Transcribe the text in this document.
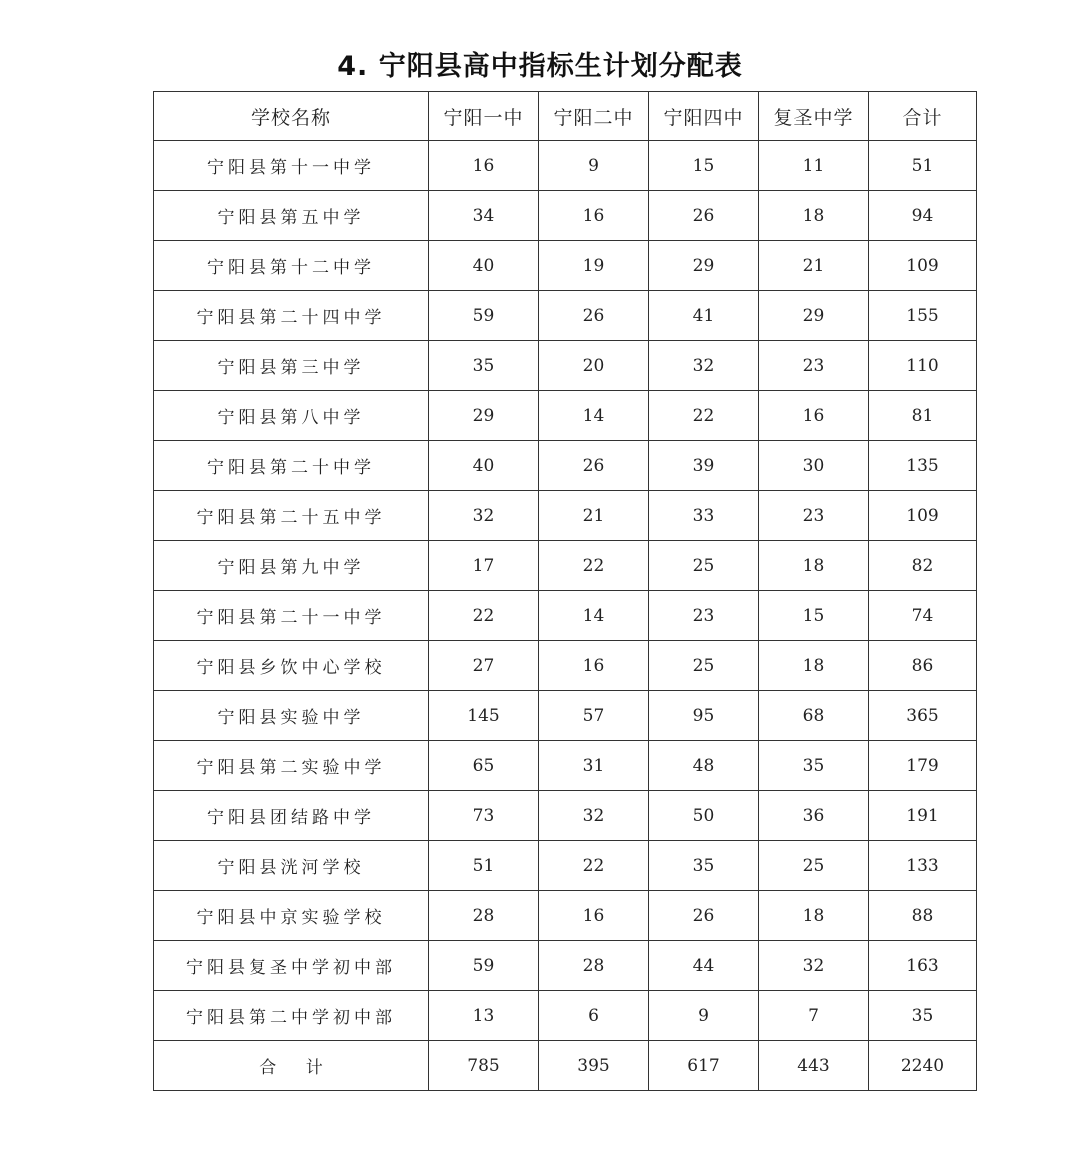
4. 宁阳县高中指标生计划分配表
学校名称	宁阳一中	宁阳二中	宁阳四中	复圣中学	合计
宁阳县第十一中学	16	9	15	11	51
宁阳县第五中学	34	16	26	18	94
宁阳县第十二中学	40	19	29	21	109
宁阳县第二十四中学	59	26	41	29	155
宁阳县第三中学	35	20	32	23	110
宁阳县第八中学	29	14	22	16	81
宁阳县第二十中学	40	26	39	30	135
宁阳县第二十五中学	32	21	33	23	109
宁阳县第九中学	17	22	25	18	82
宁阳县第二十一中学	22	14	23	15	74
宁阳县乡饮中心学校	27	16	25	18	86
宁阳县实验中学	145	57	95	68	365
宁阳县第二实验中学	65	31	48	35	179
宁阳县团结路中学	73	32	50	36	191
宁阳县洸河学校	51	22	35	25	133
宁阳县中京实验学校	28	16	26	18	88
宁阳县复圣中学初中部	59	28	44	32	163
宁阳县第二中学初中部	13	6	9	7	35
合 计	785	395	617	443	2240
